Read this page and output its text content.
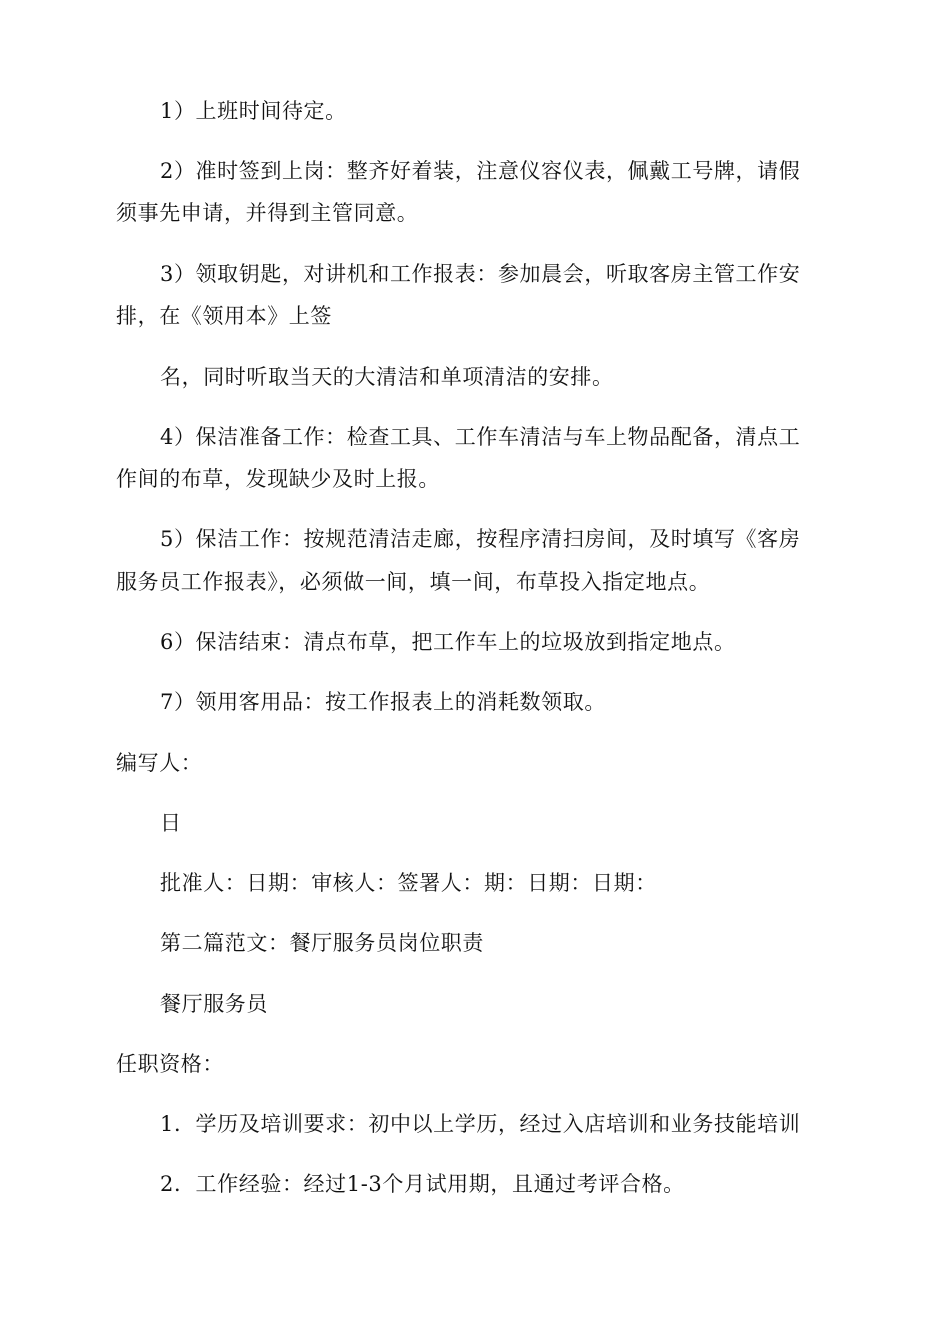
1）上班时间待定。
2）准时签到上岗：整齐好着装，注意仪容仪表，佩戴工号牌，请假
须事先申请，并得到主管同意。
3）领取钥匙，对讲机和工作报表：参加晨会，听取客房主管工作安
排，在《领用本》上签
名，同时听取当天的大清洁和单项清洁的安排。
4）保洁准备工作：检查工具、工作车清洁与车上物品配备，清点工
作间的布草，发现缺少及时上报。
5）保洁工作：按规范清洁走廊，按程序清扫房间，及时填写《客房
服务员工作报表》，必须做一间，填一间，布草投入指定地点。
6）保洁结束：清点布草，把工作车上的垃圾放到指定地点。
7）领用客用品：按工作报表上的消耗数领取。
编写人：
日
批准人：日期：审核人：签署人：期：日期：日期：
第二篇范文：餐厅服务员岗位职责
餐厅服务员
任职资格：
1．学历及培训要求：初中以上学历，经过入店培训和业务技能培训
2．工作经验：经过1-3个月试用期，且通过考评合格。
